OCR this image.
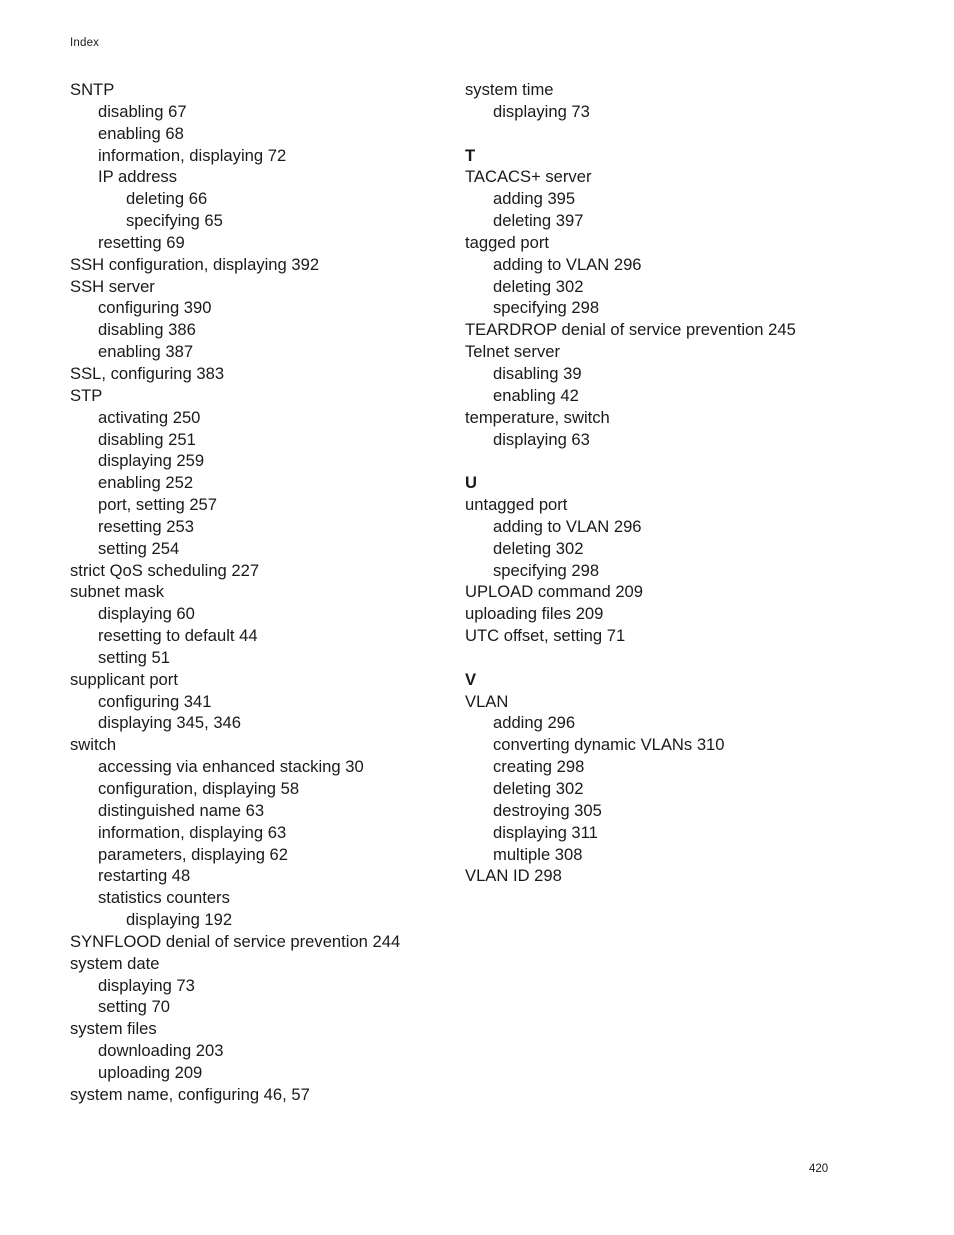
Index
SNTP
disabling 67
enabling 68
information, displaying 72
IP address
deleting 66
specifying 65
resetting 69
SSH configuration, displaying 392
SSH server
configuring 390
disabling 386
enabling 387
SSL, configuring 383
STP
activating 250
disabling 251
displaying 259
enabling 252
port, setting 257
resetting 253
setting 254
strict QoS scheduling 227
subnet mask
displaying 60
resetting to default 44
setting 51
supplicant port
configuring 341
displaying 345, 346
switch
accessing via enhanced stacking 30
configuration, displaying 58
distinguished name 63
information, displaying 63
parameters, displaying 62
restarting 48
statistics counters
displaying 192
SYNFLOOD denial of service prevention 244
system date
displaying 73
setting 70
system files
downloading 203
uploading 209
system name, configuring 46, 57
system time
displaying 73
T
TACACS+ server
adding 395
deleting 397
tagged port
adding to VLAN 296
deleting 302
specifying 298
TEARDROP denial of service prevention 245
Telnet server
disabling 39
enabling 42
temperature, switch
displaying 63
U
untagged port
adding to VLAN 296
deleting 302
specifying 298
UPLOAD command 209
uploading files 209
UTC offset, setting 71
V
VLAN
adding 296
converting dynamic VLANs 310
creating 298
deleting 302
destroying 305
displaying 311
multiple 308
VLAN ID 298
420
